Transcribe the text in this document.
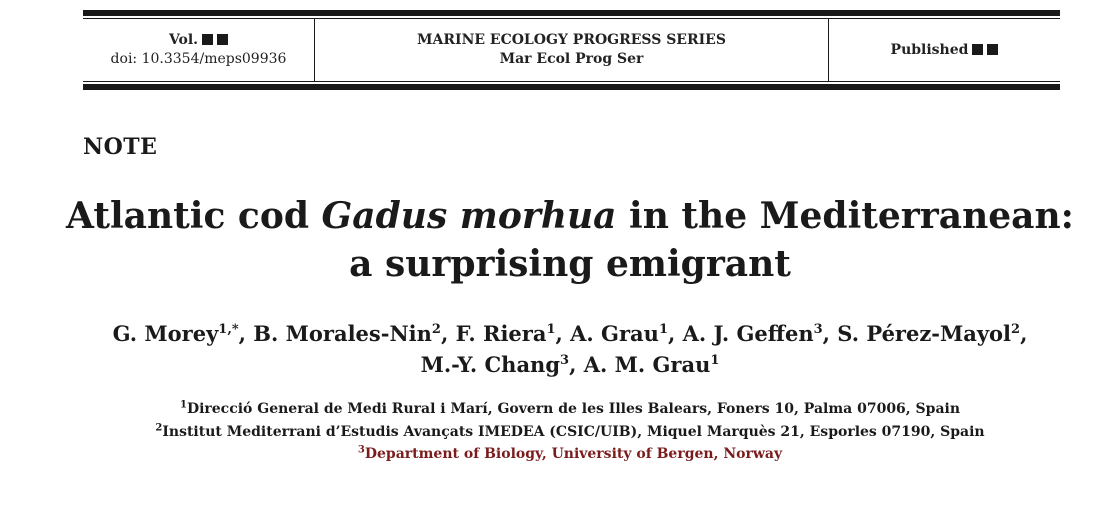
Vol.
doi: 10.3354/meps09936
MARINE ECOLOGY PROGRESS SERIES
Mar Ecol Prog Ser
Published
NOTE
Atlantic cod Gadus morhua in the Mediterranean:
a surprising emigrant
G. Morey$^{1,*}$, B. Morales-Nin$^2$, F. Riera$^1$, A. Grau$^1$, A. J. Geffen$^3$, S. Pérez-Mayol$^2$,
M.-Y. Chang$^3$, A. M. Grau$^1$
$^1$Direcció General de Medi Rural i Marí, Govern de les Illes Balears, Foners 10, Palma 07006, Spain
$^2$Institut Mediterrani d’Estudis Avançats IMEDEA (CSIC/UIB), Miquel Marquès 21, Esporles 07190, Spain
$^3$Department of Biology, University of Bergen, Norway
